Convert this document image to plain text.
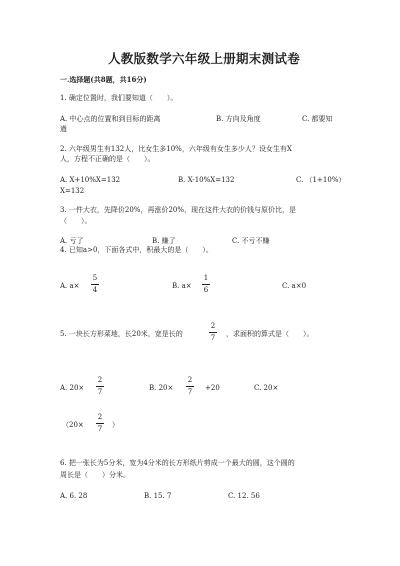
人教版数学六年级上册期末测试卷
一.选择题(共8题，共16分)
1. 确定位置时，我们要知道（　　）。
A. 中心点的位置和到目标的距离
遒
B. 方向及角度	C. 都要知
2. 六年级男生有132人，比女生多10%，六年级有女生多少人？设女生有X
人，方程不正确的是（　　）。
A. X+10%X=132	B. X-10%X=132	C. （1+10%）
X=132
3. 一件大衣，先降价20%，再涨价20%，现在这件大衣的价钱与原价比，是
（　　）。
A. 亏了	B. 赚了	C. 不亏不赚
4. 已知a>0，下面各式中，积最大的是（　　）。
A. a×
5
4	B. a×
1
6	C. a×0
5. 一块长方形菜地，长20米，宽是长的
2
7	，求面积的算式是（　　）。
A. 20×
2
7	B. 20×
2
7	+20	C. 20×
（20×
2
7	）
6. 把一张长为5分米，宽为4分米的长方形纸片剪成一个最大的圆，这个圆的
周长是（　　）分米。
A. 6. 28	B. 15. 7	C. 12. 56
